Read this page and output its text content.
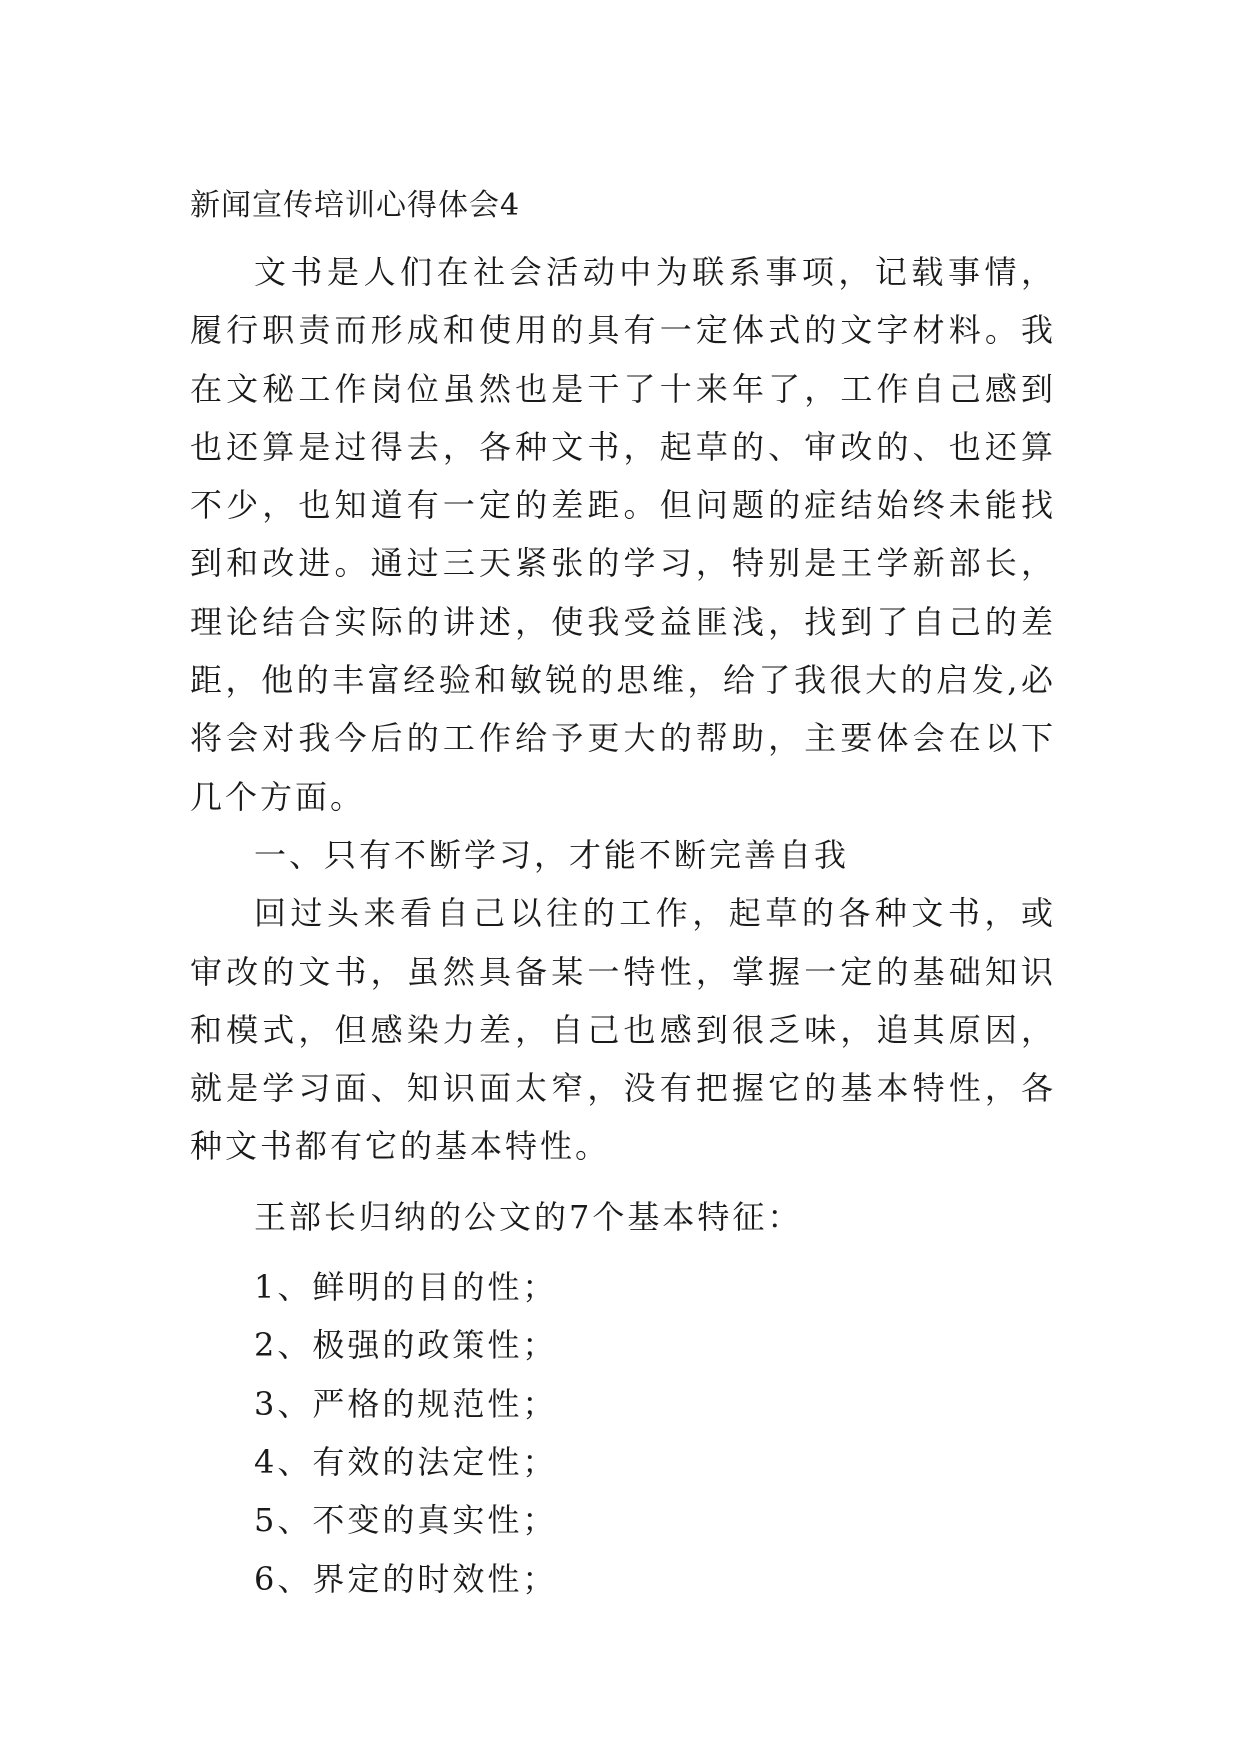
新闻宣传培训心得体会4

文书是人们在社会活动中为联系事项，记载事情，履行职责而形成和使用的具有一定体式的文字材料。我在文秘工作岗位虽然也是干了十来年了，工作自己感到也还算是过得去，各种文书，起草的、审改的、也还算不少，也知道有一定的差距。但问题的症结始终未能找到和改进。通过三天紧张的学习，特别是王学新部长，理论结合实际的讲述，使我受益匪浅，找到了自己的差距，他的丰富经验和敏锐的思维，给了我很大的启发,必将会对我今后的工作给予更大的帮助，主要体会在以下几个方面。

一、只有不断学习，才能不断完善自我

回过头来看自己以往的工作，起草的各种文书，或审改的文书，虽然具备某一特性，掌握一定的基础知识和模式，但感染力差，自己也感到很乏味，追其原因，就是学习面、知识面太窄，没有把握它的基本特性，各种文书都有它的基本特性。

王部长归纳的公文的7个基本特征：

1、鲜明的目的性；

2、极强的政策性；

3、严格的规范性；

4、有效的法定性；

5、不变的真实性；

6、界定的时效性；
